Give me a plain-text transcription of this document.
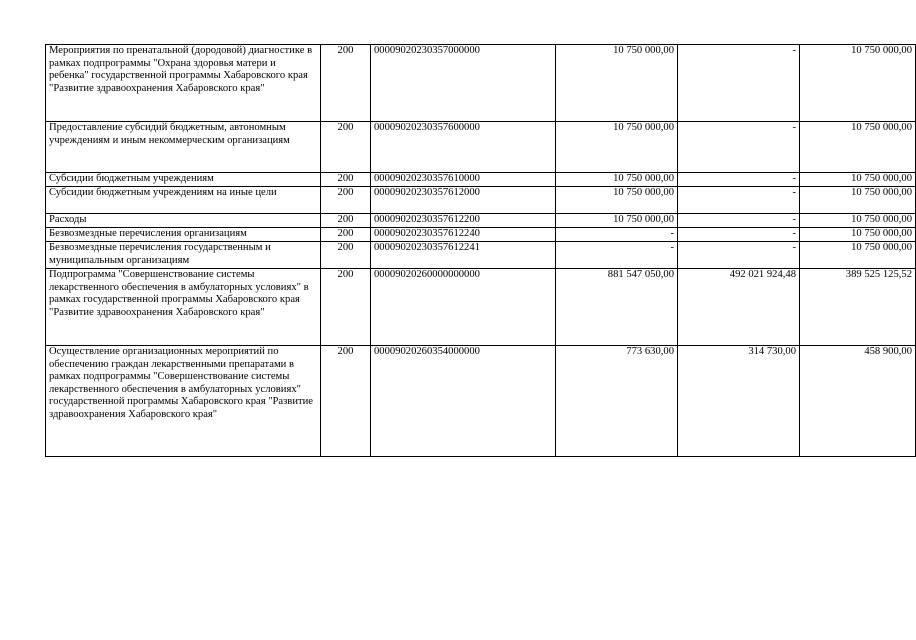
Мероприятия по пренатальной (дородовой) диагностике в рамках подпрограммы "Охрана здоровья матери и ребенка" государственной программы Хабаровского края "Развитие здравоохранения Хабаровского края"	200	00009020230357000000	10 750 000,00	-	10 750 000,00
Предоставление субсидий бюджетным, автономным учреждениям и иным некоммерческим организациям	200	00009020230357600000	10 750 000,00	-	10 750 000,00
Субсидии бюджетным учреждениям	200	00009020230357610000	10 750 000,00	-	10 750 000,00
Субсидии бюджетным учреждениям на иные цели	200	00009020230357612000	10 750 000,00	-	10 750 000,00
Расходы	200	00009020230357612200	10 750 000,00	-	10 750 000,00
Безвозмездные перечисления организациям	200	00009020230357612240	-	-	10 750 000,00
Безвозмездные перечисления государственным и муниципальным организациям	200	00009020230357612241	-	-	10 750 000,00
Подпрограмма "Совершенствование системы лекарственного обеспечения в амбулаторных условиях" в рамках государственной программы Хабаровского края "Развитие здравоохранения Хабаровского края"	200	00009020260000000000	881 547 050,00	492 021 924,48	389 525 125,52
Осуществление организационных мероприятий по обеспечению граждан лекарственными препаратами в рамках подпрограммы "Совершенствование системы лекарственного обеспечения в амбулаторных условиях" государственной программы Хабаровского края "Развитие здравоохранения Хабаровского края"	200	00009020260354000000	773 630,00	314 730,00	458 900,00
